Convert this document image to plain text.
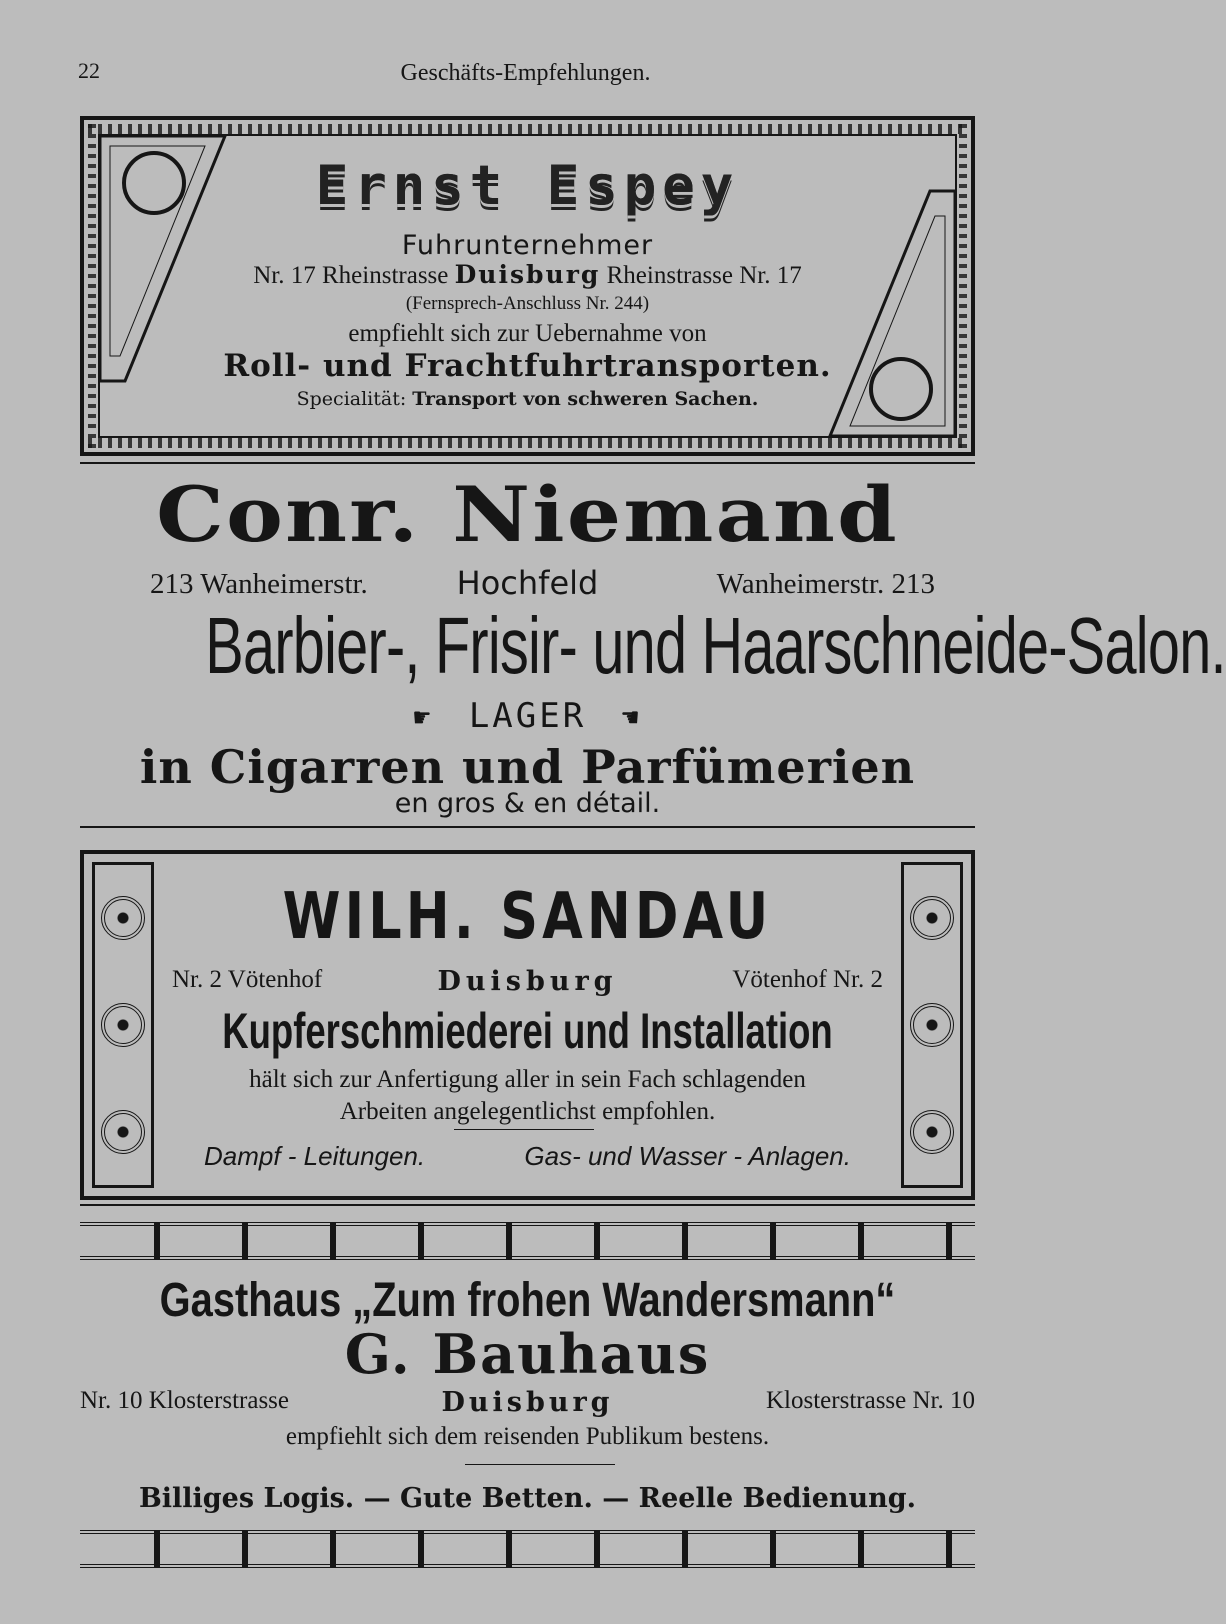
22	Geschäfts-Empfehlungen.
Ernst Espey
Fuhrunternehmer
Nr. 17 Rheinstrasse Duisburg Rheinstrasse Nr. 17
(Fernsprech-Anschluss Nr. 244)
empfiehlt sich zur Uebernahme von
Roll- und Frachtfuhrtransporten.
Specialität: Transport von schweren Sachen.
Conr. Niemand
213 Wanheimerstr.	Hochfeld	Wanheimerstr. 213
Barbier-, Frisir- und Haarschneide-Salon.
☛ LAGER ☚
in Cigarren und Parfümerien
en gros & en détail.
WILH. SANDAU
Nr. 2 Vötenhof	Duisburg	Vötenhof Nr. 2
Kupferschmiederei und Installation
hält sich zur Anfertigung aller in sein Fach schlagenden
Arbeiten angelegentlichst empfohlen.
Dampf - Leitungen.	Gas- und Wasser - Anlagen.
Gasthaus „Zum frohen Wandersmann“
G. Bauhaus
Nr. 10 Klosterstrasse	Duisburg	Klosterstrasse Nr. 10
empfiehlt sich dem reisenden Publikum bestens.
Billiges Logis. — Gute Betten. — Reelle Bedienung.
